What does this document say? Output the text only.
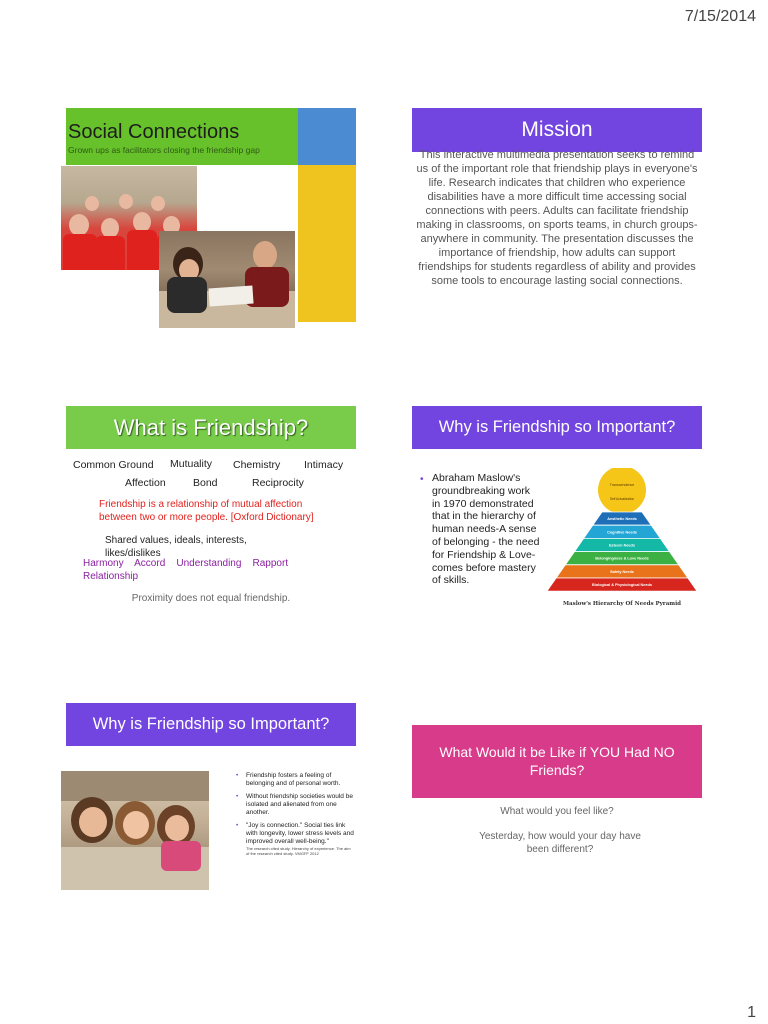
7/15/2014
1
Social Connections
Grown ups as facilitators closing the friendship gap
Mission
This interactive multimedia presentation seeks to remind us of the important role that friendship plays in everyone's life. Research indicates that children who experience disabilities have a more difficult time accessing social connections with peers. Adults can facilitate friendship making in classrooms, on sports teams, in church groups-anywhere in community. The presentation discusses the importance of friendship, how adults can support friendships for students regardless of ability and provides some tools to encourage lasting social connections.
What is Friendship?
Common Ground Mutuality Chemistry Intimacy
Affection	Bond	Reciprocity
Friendship is a relationship of mutual affection between two or more people. [Oxford Dictionary]
Shared values, ideals, interests, likes/dislikes
Harmony    Accord    Understanding    Rapport Relationship
Proximity does not equal friendship.
Why is Friendship so Important?
• Abraham Maslow's groundbreaking work in 1970 demonstrated that in the hierarchy of human needs-A sense of belonging - the need for Friendship & Love- comes before mastery of skills.
Transcendence
Self Actualization
Aesthetic Needs
Cognitive Needs
Esteem Needs
Belongingness & Love Needs
Safety Needs
Biological & Physiological Needs
Maslow's Hierarchy Of Needs Pyramid
Why is Friendship so Important?
• Friendship fosters a feeling of belonging and of personal worth.
• Without friendship societies would be isolated and alienated from one another.
• "Joy is connection." Social ties link with longevity, lower stress levels and improved overall well-being."
The research cited study. Hierarchy of experience. The aim of the research cited study. VMGFF 2012
What Would it be Like if YOU Had NO Friends?
What would you feel like?
Yesterday, how would your day have been different?
